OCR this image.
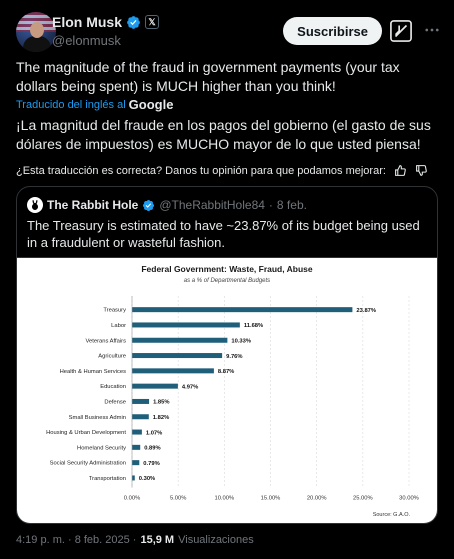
Elon Musk	𝕏
@elonmusk
Suscribirse
The magnitude of the fraud in government payments (your tax dollars being spent) is MUCH higher than you think!
Traducido del inglés al Google
¡La magnitud del fraude en los pagos del gobierno (el gasto de sus dólares de impuestos) es MUCHO mayor de lo que usted piensa!
¿Esta traducción es correcta? Danos tu opinión para que podamos mejorar:
The Rabbit Hole @TheRabbitHole84 · 8 feb.
The Treasury is estimated to have ~23.87% of its budget being used in a fraudulent or wasteful fashion.
Federal Government: Waste, Fraud, Abuse
as a % of Departmental Budgets
0.00%	5.00%	10.00%	15.00%	20.00%	25.00%	30.00%
Treasury	23.87%
Labor	11.68%
Veterans Affairs	10.33%
Agriculture	9.76%
Health & Human Services	8.87%
Education	4.97%
Defense	1.85%
Small Business Admin	1.82%
Housing & Urban Development	1.07%
Homeland Security	0.89%
Social Security Administration	0.79%
Transportation 0.30%
Source: G.A.O.
4:19 p. m. · 8 feb. 2025 · 15,9 M Visualizaciones
